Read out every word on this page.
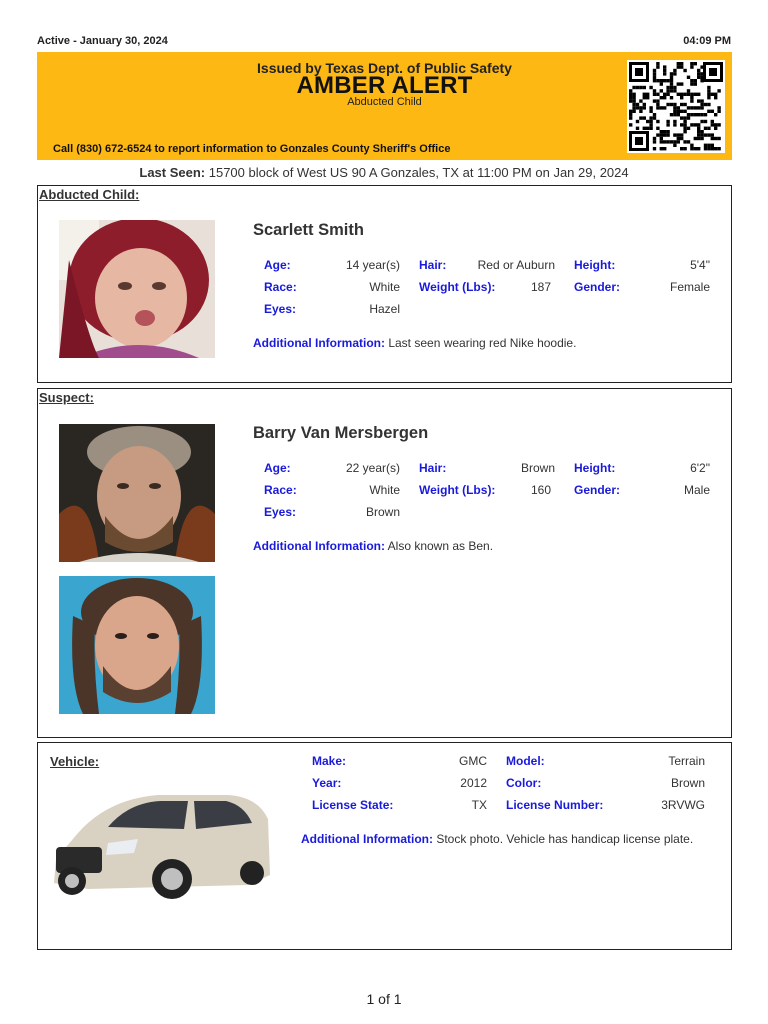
Active - January 30, 2024	04:09 PM
Issued by Texas Dept. of Public Safety
AMBER ALERT
Abducted Child
Call (830) 672-6524 to report information to Gonzales County Sheriff's Office
Last Seen: 15700 block of West US 90 A Gonzales, TX at 11:00 PM on Jan 29, 2024
Abducted Child:
Scarlett Smith
Age:	14 year(s) Hair:	Red or Auburn Height:	5'4"
Race:	White Weight (Lbs):	187 Gender:	Female
Eyes:	Hazel
Additional Information: Last seen wearing red Nike hoodie.
Suspect:
Barry Van Mersbergen
Age:	22 year(s) Hair:	Brown Height:	6'2"
Race:	White Weight (Lbs):	160 Gender:	Male
Eyes:	Brown
Additional Information: Also known as Ben.
Vehicle:	Make:	GMC Model:	Terrain
Year:	2012 Color:	Brown
License State:	TX License Number:	3RVWG
Additional Information: Stock photo. Vehicle has handicap license plate.
1 of 1
